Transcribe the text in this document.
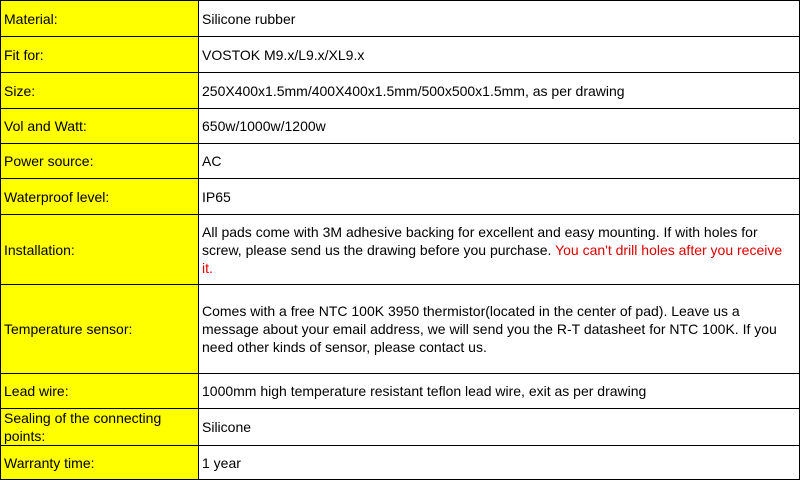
Material:	Silicone rubber
Fit for:	VOSTOK M9.x/L9.x/XL9.x
Size:	250X400x1.5mm/400X400x1.5mm/500x500x1.5mm, as per drawing
Vol and Watt:	650w/1000w/1200w
Power source:	AC
Waterproof level:	IP65
Installation:	All pads come with 3M adhesive backing for excellent and easy mounting. If with holes for screw, please send us the drawing before you purchase. You can't drill holes after you receive it.
Temperature sensor:	Comes with a free NTC 100K 3950 thermistor(located in the center of pad). Leave us a message about your email address, we will send you the R-T datasheet for NTC 100K. If you need other kinds of sensor, please contact us.
Lead wire:	1000mm high temperature resistant teflon lead wire, exit as per drawing
Sealing of the connecting points:	Silicone
Warranty time:	1 year
